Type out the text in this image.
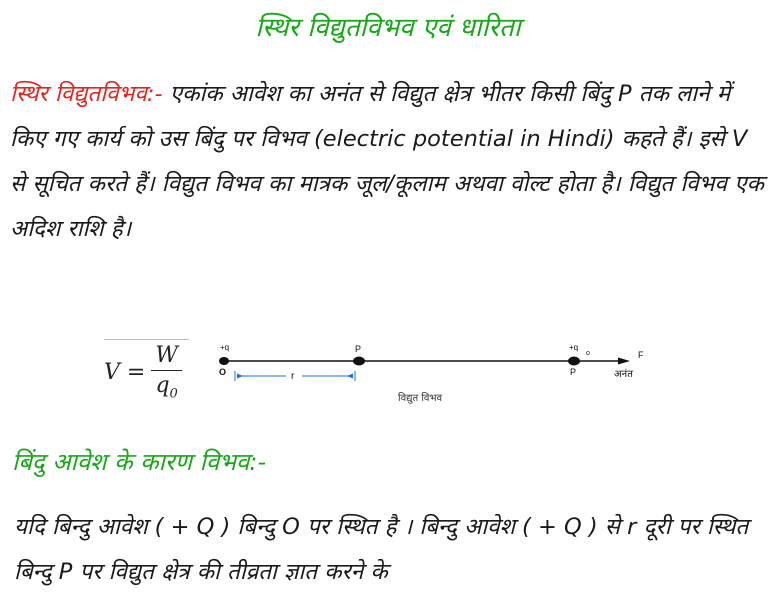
स्थिर विद्युतविभव एवं धारिता
स्थिर विद्युतविभव:- एकांक आवेश का अनंत से विद्युत क्षेत्र भीतर किसी बिंदु P तक लाने में किए गए कार्य को उस बिंदु पर विभव (electric potential in Hindi) कहते हैं। इसे V से सूचित करते हैं। विद्युत विभव का मात्रक जूल/कूलाम अथवा वोल्ट होता है। विद्युत विभव एक अदिश राशि है।
$V = \frac{W}{q_0}$	+q
O
P
r
+q
o
P
F
अनंत
विद्युत विभव
बिंदु आवेश के कारण विभव:-
यदि बिन्दु आवेश ( + Q ) बिन्दु O पर स्थित है । बिन्दु आवेश ( + Q ) से r दूरी पर स्थित बिन्दु P पर विद्युत क्षेत्र की तीव्रता ज्ञात करने के
